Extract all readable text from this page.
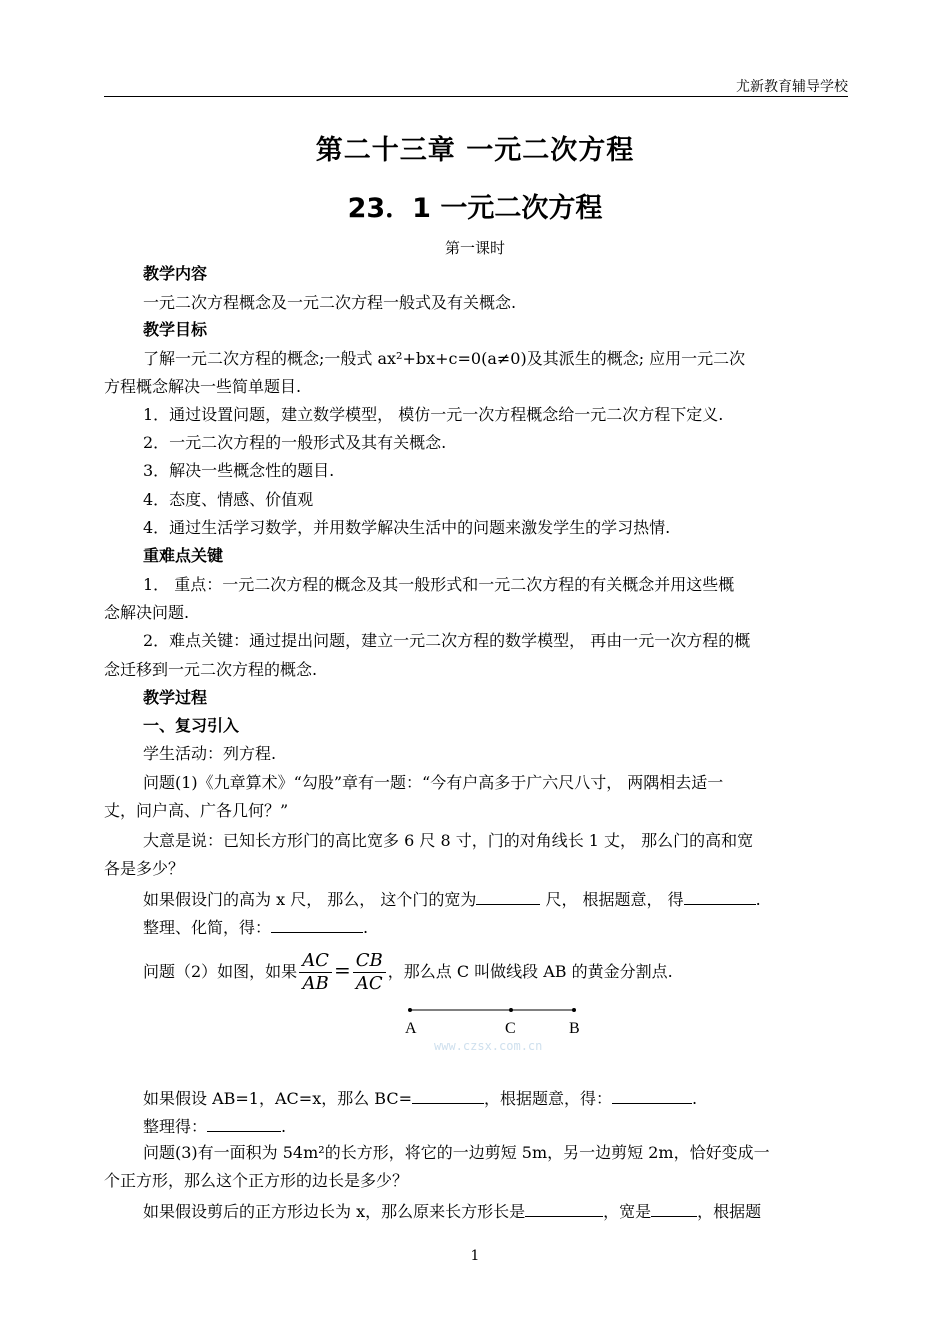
尤新教育辅导学校
第二十三章 一元二次方程
23．1 一元二次方程
第一课时
教学内容
一元二次方程概念及一元二次方程一般式及有关概念.
教学目标
了解一元二次方程的概念;一般式 ax²+bx+c=0(a≠0)及其派生的概念; 应用一元二次
方程概念解决一些简单题目.
1．通过设置问题，建立数学模型， 模仿一元一次方程概念给一元二次方程下定义.
2．一元二次方程的一般形式及其有关概念.
3．解决一些概念性的题目.
4．态度、情感、价值观
4．通过生活学习数学，并用数学解决生活中的问题来激发学生的学习热情.
重难点关键
1． 重点：一元二次方程的概念及其一般形式和一元二次方程的有关概念并用这些概
念解决问题.
2．难点关键：通过提出问题，建立一元二次方程的数学模型， 再由一元一次方程的概
念迁移到一元二次方程的概念.
教学过程
一、复习引入
学生活动：列方程.
问题(1)《九章算术》“勾股”章有一题：“今有户高多于广六尺八寸， 两隅相去适一
丈，问户高、广各几何？”
大意是说：已知长方形门的高比宽多 6 尺 8 寸，门的对角线长 1 丈， 那么门的高和宽
各是多少？
如果假设门的高为 x 尺， 那么， 这个门的宽为	尺， 根据题意， 得	.
整理、化简，得：	.
问题（2）如图，如果 $\frac{AC}{AB} = \frac{CB}{AC}$ ，那么点 C 叫做线段 AB 的黄金分割点.
A	C	B
www.czsx.com.cn
如果假设 AB=1，AC=x，那么 BC=	，根据题意，得：	.
整理得：	.
问题(3)有一面积为 54m²的长方形，将它的一边剪短 5m，另一边剪短 2m，恰好变成一
个正方形，那么这个正方形的边长是多少？
如果假设剪后的正方形边长为 x，那么原来长方形长是	，宽是	，根据题
1
